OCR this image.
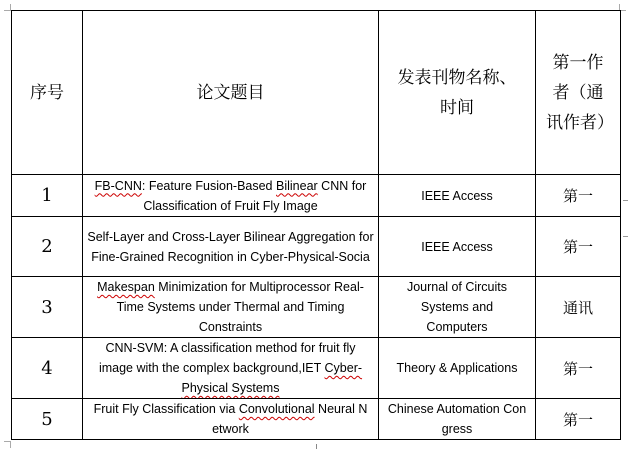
序号	论文题目	发表刊物名称、时间	第一作者（通讯作者）
1	FB-CNN: Feature Fusion-Based Bilinear CNN for Classification of Fruit Fly Image	IEEE Access	第一
2	Self-Layer and Cross-Layer Bilinear Aggregation for Fine-Grained Recognition in Cyber-Physical-Socia	IEEE Access	第一
3	Makespan Minimization for Multiprocessor Real-Time Systems under Thermal and Timing Constraints	Journal of Circuits Systems and Computers	通讯
4	CNN-SVM: A classification method for fruit fly image with the complex background,IET Cyber-Physical Systems	Theory & Applications	第一
5	Fruit Fly Classification via Convolutional Neural N etwork	Chinese Automation Con gress	第一
